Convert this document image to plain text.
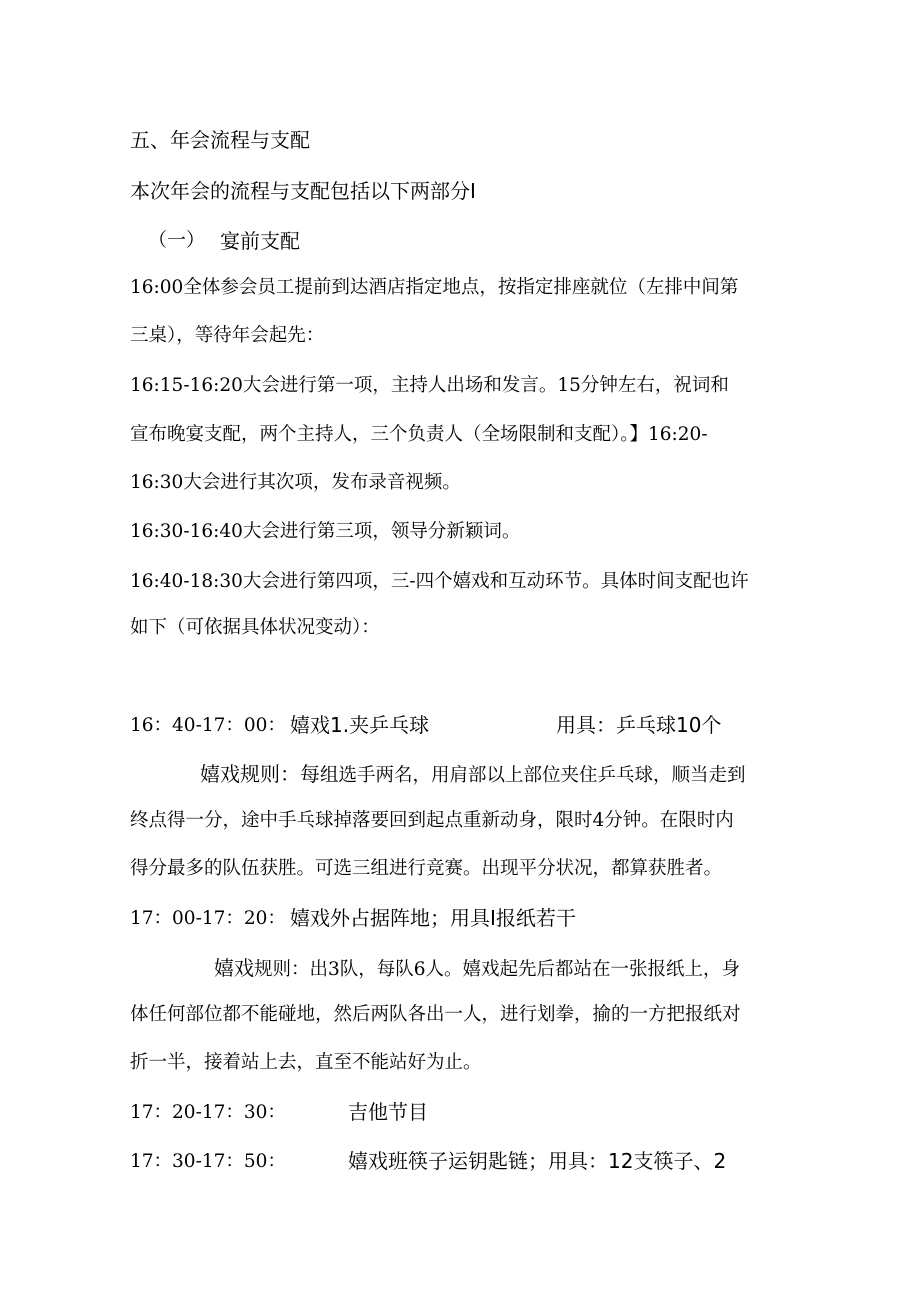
五、年会流程与支配
本次年会的流程与支配包括以下两部分I
（一） 宴前支配
16:00全体参会员工提前到达酒店指定地点，按指定排座就位（左排中间第
三桌），等待年会起先：
16:15-16:20大会进行第一项，主持人出场和发言。15分钟左右，祝词和
宣布晚宴支配，两个主持人，三个负责人（全场限制和支配）。】16:20-
16:30大会进行其次项，发布录音视频。
16:30-16:40大会进行第三项，领导分新颖词。
16:40-18:30大会进行第四项，三-四个嬉戏和互动环节。具体时间支配也许
如下（可依据具体状况变动）：
16：40-17：00： 嬉戏1.夹乒乓球	用具：乒乓球10个
嬉戏规则：每组选手两名，用肩部以上部位夹住乒乓球，顺当走到
终点得一分，途中手乓球掉落要回到起点重新动身，限时4分钟。在限时内
得分最多的队伍获胜。可选三组进行竞赛。出现平分状况，都算获胜者。
17：00-17：20： 嬉戏外占据阵地；用具I报纸若干
嬉戏规则：出3队，每队6人。嬉戏起先后都站在一张报纸上，身
体任何部位都不能碰地，然后两队各出一人，进行划拳，揄的一方把报纸对
折一半，接着站上去，直至不能站好为止。
17：20-17：30：	吉他节目
17：30-17：50：	嬉戏班筷子运钥匙链；用具：12支筷子、2
